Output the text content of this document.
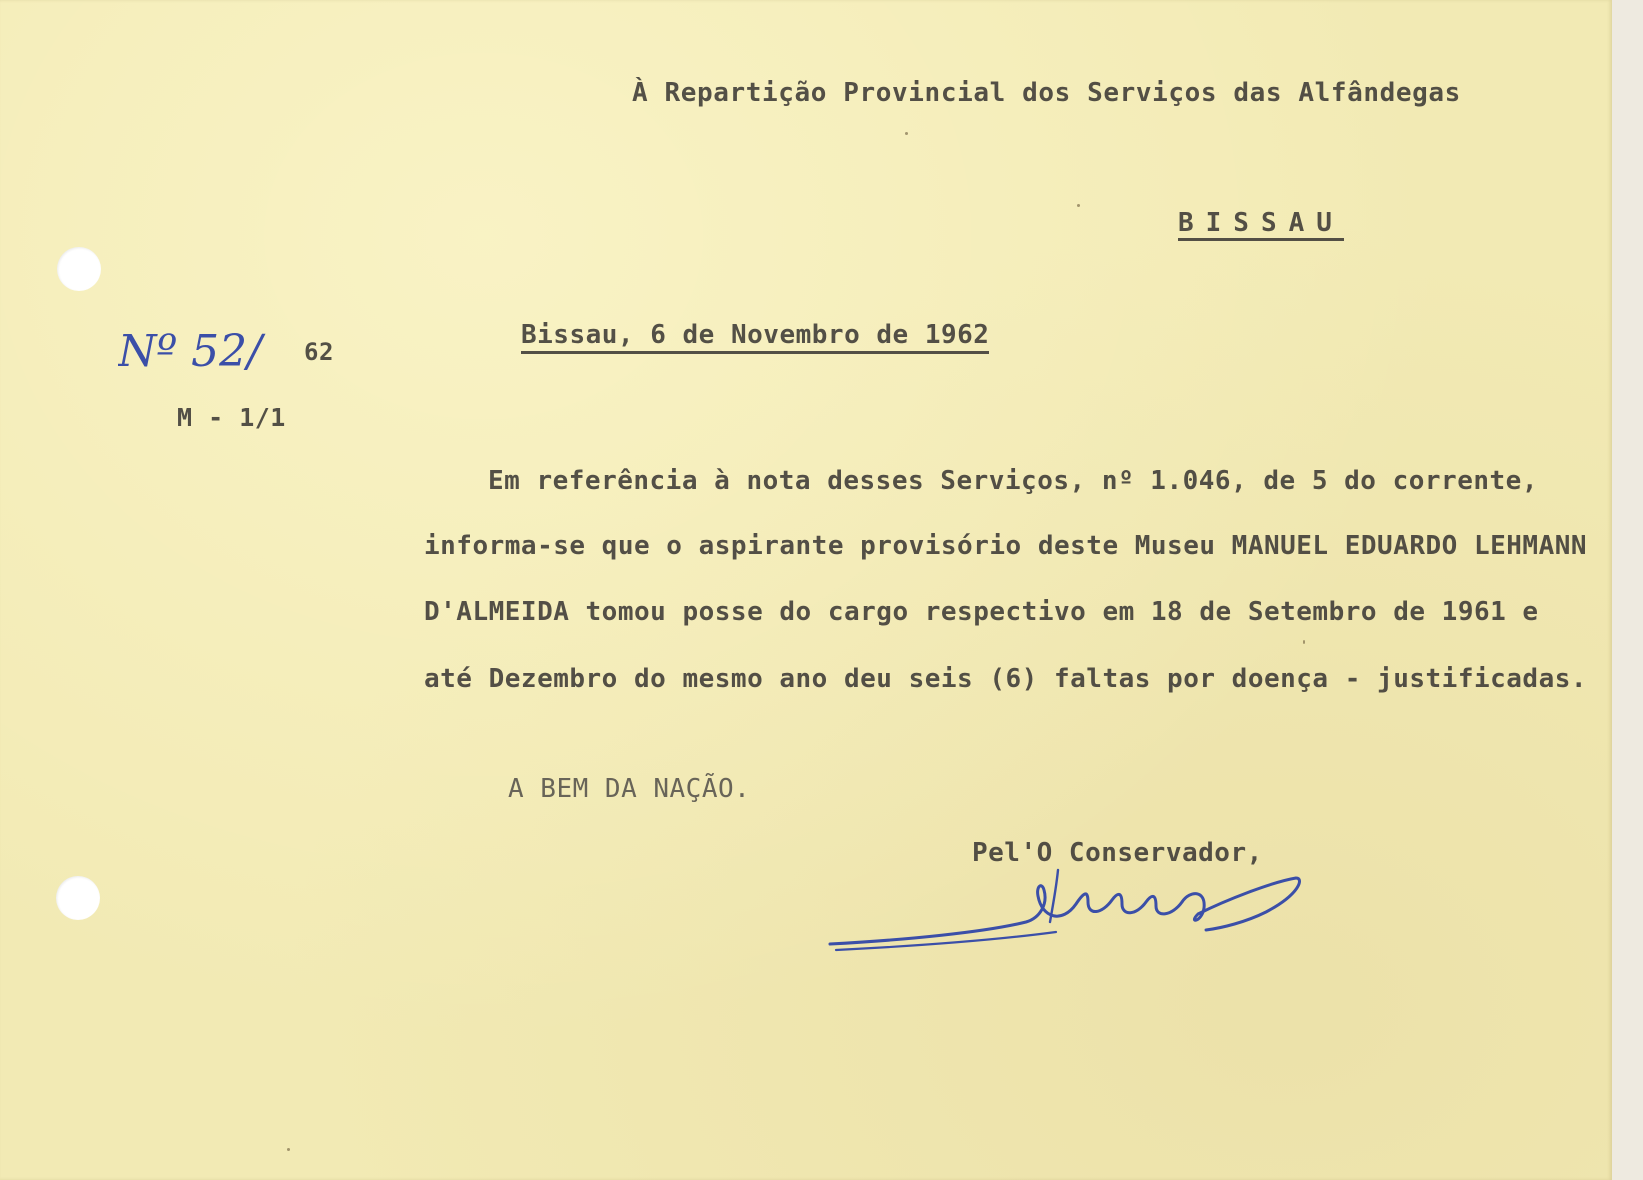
À Repartição Provincial dos Serviços das Alfândegas
BISSAU
Bissau, 6 de Novembro de 1962
Nº 52/ 62
M - 1/1
Em referência à nota desses Serviços, nº 1.046, de 5 do corrente,
informa-se que o aspirante provisório deste Museu MANUEL EDUARDO LEHMANN
D'ALMEIDA tomou posse do cargo respectivo em 18 de Setembro de 1961 e
até Dezembro do mesmo ano deu seis (6) faltas por doença - justificadas.
A BEM DA NAÇÃO.
Pel'O Conservador,
